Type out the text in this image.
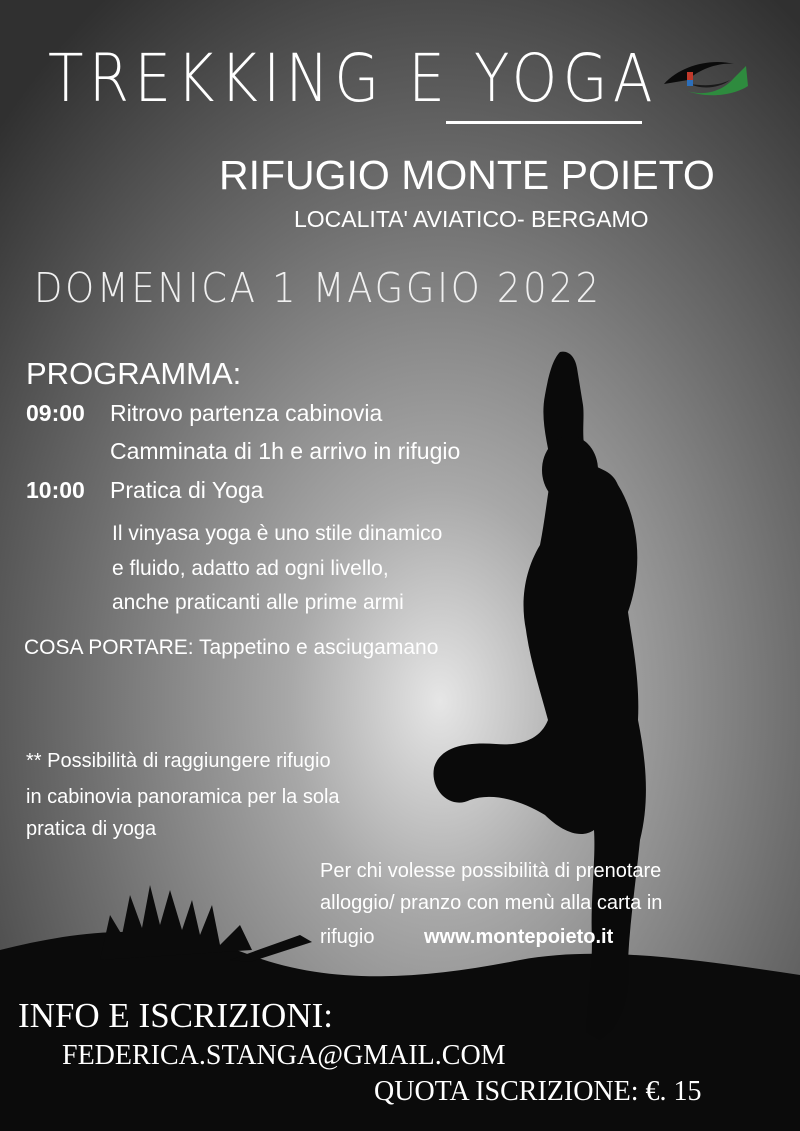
TREKKING E YOGA
RIFUGIO MONTE POIETO
LOCALITA' AVIATICO- BERGAMO
DOMENICA 1 MAGGIO 2022
PROGRAMMA:
09:00 Ritrovo partenza cabinovia
Camminata di 1h e arrivo in rifugio
10:00 Pratica di Yoga
Il vinyasa yoga è uno stile dinamico
e fluido, adatto ad ogni livello,
anche praticanti alle prime armi
COSA PORTARE: Tappetino e asciugamano
** Possibilità di raggiungere rifugio
in cabinovia panoramica per la sola
pratica di yoga
Per chi volesse possibilità di prenotare
alloggio/ pranzo con menù alla carta in
rifugio www.montepoieto.it
INFO E ISCRIZIONI:
FEDERICA.STANGA@GMAIL.COM
QUOTA ISCRIZIONE: €. 15
